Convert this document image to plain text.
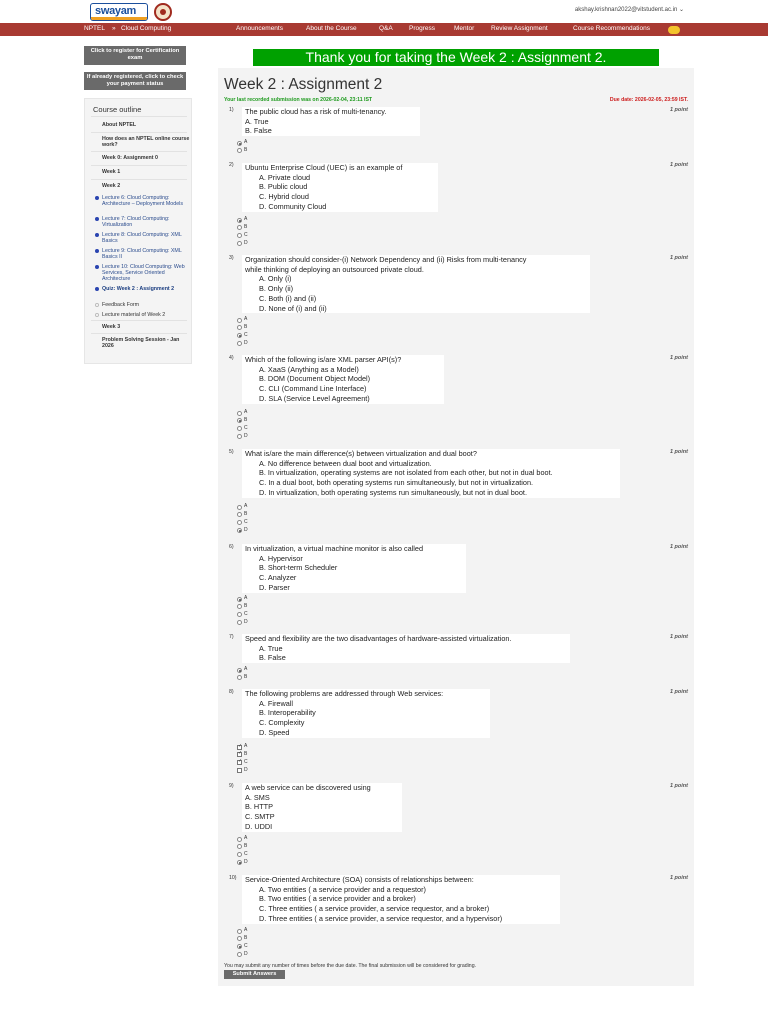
swayam	akshay.krishnan2022@vitstudent.ac.in ⌄
NPTEL » Cloud Computing	Announcements	About the Course	Q&A	Progress	Mentor	Review Assignment	Course Recommendations
Click to register for Certification exam
If already registered, click to check your payment status
Course outline
About NPTEL
How does an NPTEL online course work?
Week 0: Assignment 0
Week 1
Week 2
Lecture 6: Cloud Computing: Architecture – Deployment Models
Lecture 7: Cloud Computing: Virtualization
Lecture 8: Cloud Computing: XML Basics
Lecture 9: Cloud Computing: XML Basics II
Lecture 10: Cloud Computing: Web Services, Service Oriented Architecture
Quiz: Week 2 : Assignment 2
Feedback Form
Lecture material of Week 2
Week 3
Problem Solving Session - Jan 2026
Thank you for taking the Week 2 : Assignment 2.
Week 2 : Assignment 2
Your last recorded submission was on 2026-02-04, 23:11 IST	Due date: 2026-02-05, 23:59 IST.
1)	1 point
The public cloud has a risk of multi-tenancy.
A. True
B. False
A
B
2)	1 point
Ubuntu Enterprise Cloud (UEC) is an example of
A. Private cloud
B. Public cloud
C. Hybrid cloud
D. Community Cloud
A
B
C
D
3)	1 point
Organization should consider-(i) Network Dependency and (ii) Risks from multi-tenancy
while thinking of deploying an outsourced private cloud.
A. Only (i)
B. Only (ii)
C. Both (i) and (ii)
D. None of (i) and (ii)
A
B
C
D
4)	1 point
Which of the following is/are XML parser API(s)?
A. XaaS (Anything as a Model)
B. DOM (Document Object Model)
C. CLI (Command Line Interface)
D. SLA (Service Level Agreement)
A
B
C
D
5)	1 point
What is/are the main difference(s) between virtualization and dual boot?
A. No difference between dual boot and virtualization.
B. In virtualization, operating systems are not isolated from each other, but not in dual boot.
C. In a dual boot, both operating systems run simultaneously, but not in virtualization.
D. In virtualization, both operating systems run simultaneously, but not in dual boot.
A
B
C
D
6)	1 point
In virtualization, a virtual machine monitor is also called
A. Hypervisor
B. Short-term Scheduler
C. Analyzer
D. Parser
A
B
C
D
7)	1 point
Speed and flexibility are the two disadvantages of hardware-assisted virtualization.
A. True
B. False
A
B
8)	1 point
The following problems are addressed through Web services:
A. Firewall
B. Interoperability
C. Complexity
D. Speed
✓
A
✓
B
✓
C
D
9)	1 point
A web service can be discovered using
A. SMS
B. HTTP
C. SMTP
D. UDDI
A
B
C
D
10)	1 point
Service-Oriented Architecture (SOA) consists of relationships between:
A. Two entities ( a service provider and a requestor)
B. Two entities ( a service provider and a broker)
C. Three entities ( a service provider, a service requestor, and a broker)
D. Three entities ( a service provider, a service requestor, and a hypervisor)
A
B
C
D
You may submit any number of times before the due date. The final submission will be considered for grading.
Submit Answers
